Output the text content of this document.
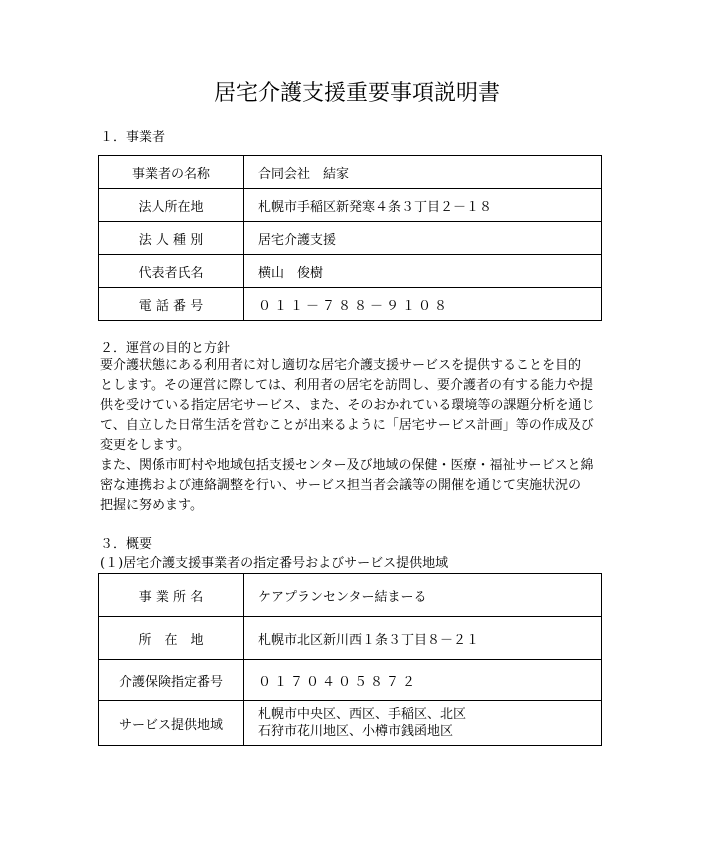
居宅介護支援重要事項説明書
１．事業者
事業者の名称	合同会社　結家
法人所在地	札幌市手稲区新発寒４条３丁目２－１８
法 人 種 別	居宅介護支援
代表者氏名	横山　俊樹
電 話 番 号	０１１－７８８－９１０８
２．運営の目的と方針
要介護状態にある利用者に対し適切な居宅介護支援サービスを提供することを目的
とします。その運営に際しては、利用者の居宅を訪問し、要介護者の有する能力や提
供を受けている指定居宅サービス、また、そのおかれている環境等の課題分析を通じ
て、自立した日常生活を営むことが出来るように「居宅サービス計画」等の作成及び
変更をします。
また、関係市町村や地域包括支援センター及び地域の保健・医療・福祉サービスと綿
密な連携および連絡調整を行い、サービス担当者会議等の開催を通じて実施状況の
把握に努めます。
３．概要
(１)居宅介護支援事業者の指定番号およびサービス提供地域
事 業 所 名	ケアプランセンター結まーる
所　在　地	札幌市北区新川西１条３丁目８－２１
介護保険指定番号	０１７０４０５８７２
サービス提供地域	札幌市中央区、西区、手稲区、北区
石狩市花川地区、小樽市銭函地区
